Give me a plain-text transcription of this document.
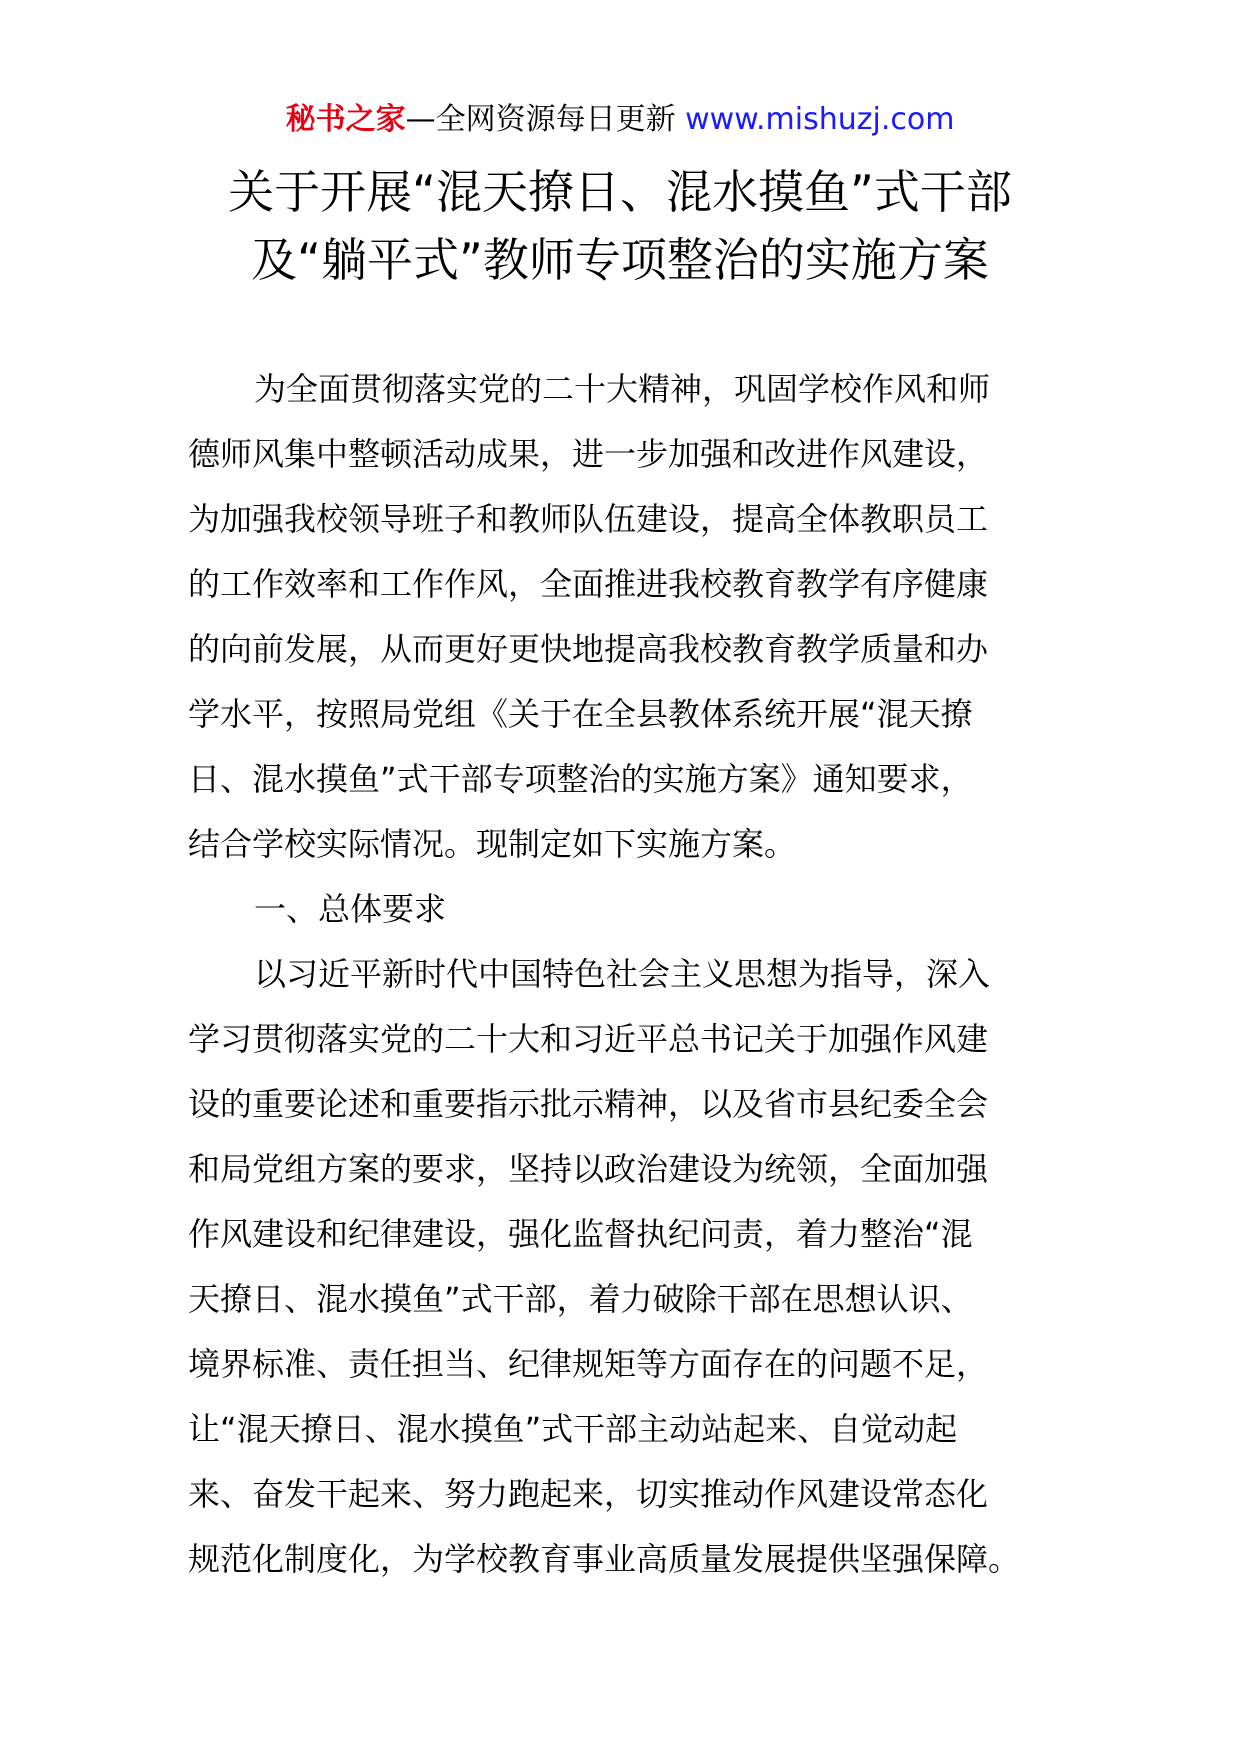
秘书之家—全网资源每日更新 www.mishuzj.com
关于开展“混天撩日、混水摸鱼”式干部
及“躺平式”教师专项整治的实施方案
为全面贯彻落实党的二十大精神，巩固学校作风和师
德师风集中整顿活动成果，进一步加强和改进作风建设，
为加强我校领导班子和教师队伍建设，提高全体教职员工
的工作效率和工作作风，全面推进我校教育教学有序健康
的向前发展，从而更好更快地提高我校教育教学质量和办
学水平，按照局党组《关于在全县教体系统开展“混天撩
日、混水摸鱼”式干部专项整治的实施方案》通知要求，
结合学校实际情况。现制定如下实施方案。
一、总体要求
以习近平新时代中国特色社会主义思想为指导，深入
学习贯彻落实党的二十大和习近平总书记关于加强作风建
设的重要论述和重要指示批示精神，以及省市县纪委全会
和局党组方案的要求，坚持以政治建设为统领，全面加强
作风建设和纪律建设，强化监督执纪问责，着力整治“混
天撩日、混水摸鱼”式干部，着力破除干部在思想认识、
境界标准、责任担当、纪律规矩等方面存在的问题不足，
让“混天撩日、混水摸鱼”式干部主动站起来、自觉动起
来、奋发干起来、努力跑起来，切实推动作风建设常态化
规范化制度化，为学校教育事业高质量发展提供坚强保障。
